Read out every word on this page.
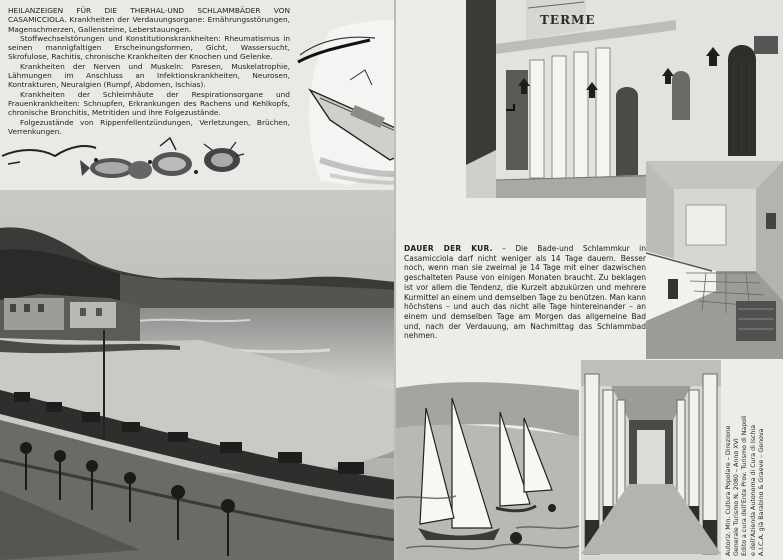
HEILANZEIGEN FÜR DIE THERHAL-UND SCHLAMMBÄDER VON CASAMICCIOLA. Krankheiten der Verdauungsorgane: Ernährungsstörungen, Magenschmerzen, Gallensteine, Leberstauungen.

Stoffwechselstörungen und Konstitutionskrankheiten: Rheumatismus in seinen mannigfaltigen Erscheinungsformen, Gicht, Wassersucht, Skrofulose, Rachitis, chronische Krankheiten der Knochen und Gelenke.

Krankheiten der Nerven und Muskeln: Paresen, Muskelatrophie, Lähmungen im Anschluss an Infektionskrankheiten, Neurosen, Kontrakturen, Neuralgien (Rumpf, Abdomen, Ischias).

Krankheiten der Schleimhäute der Respirationsorgane und Frauenkrankheiten: Schnupfen, Erkrankungen des Rachens und Kehlkopfs, chronische Bronchitis, Metritiden und ihre Folgezustände.

Folgezustände von Rippenfellentzündungen, Verletzungen, Brüchen, Verrenkungen.

TERME
DAUER DER KUR. – Die Bade-und Schlammkur in Casamicciola darf nicht weniger als 14 Tage dauern. Besser noch, wenn man sie zweimal je 14 Tage mit einer dazwischen geschalteten Pause von einigen Monaten braucht. Zu beklagen ist vor allem die Tendenz, die Kurzeit abzukürzen und mehrere Kurmittel an einem und demselben Tage zu benützen. Man kann höchstens – und auch das nicht alle Tage hintereinander – an einem und demselben Tage am Morgen das allgemeine Bad und, nach der Verdauung, am Nachmittag das Schlammbad nehmen.
Autoriz. Min. Cultura Popolare – Direzione Generale Turismo N. 2080 – Anno XVI Edito a cura dell'Ente Prov. Turismo di Napoli e dell'Azienda Autonoma di Cura di Ischia A.I.C.A. già Barabino & Graeve – Genova
